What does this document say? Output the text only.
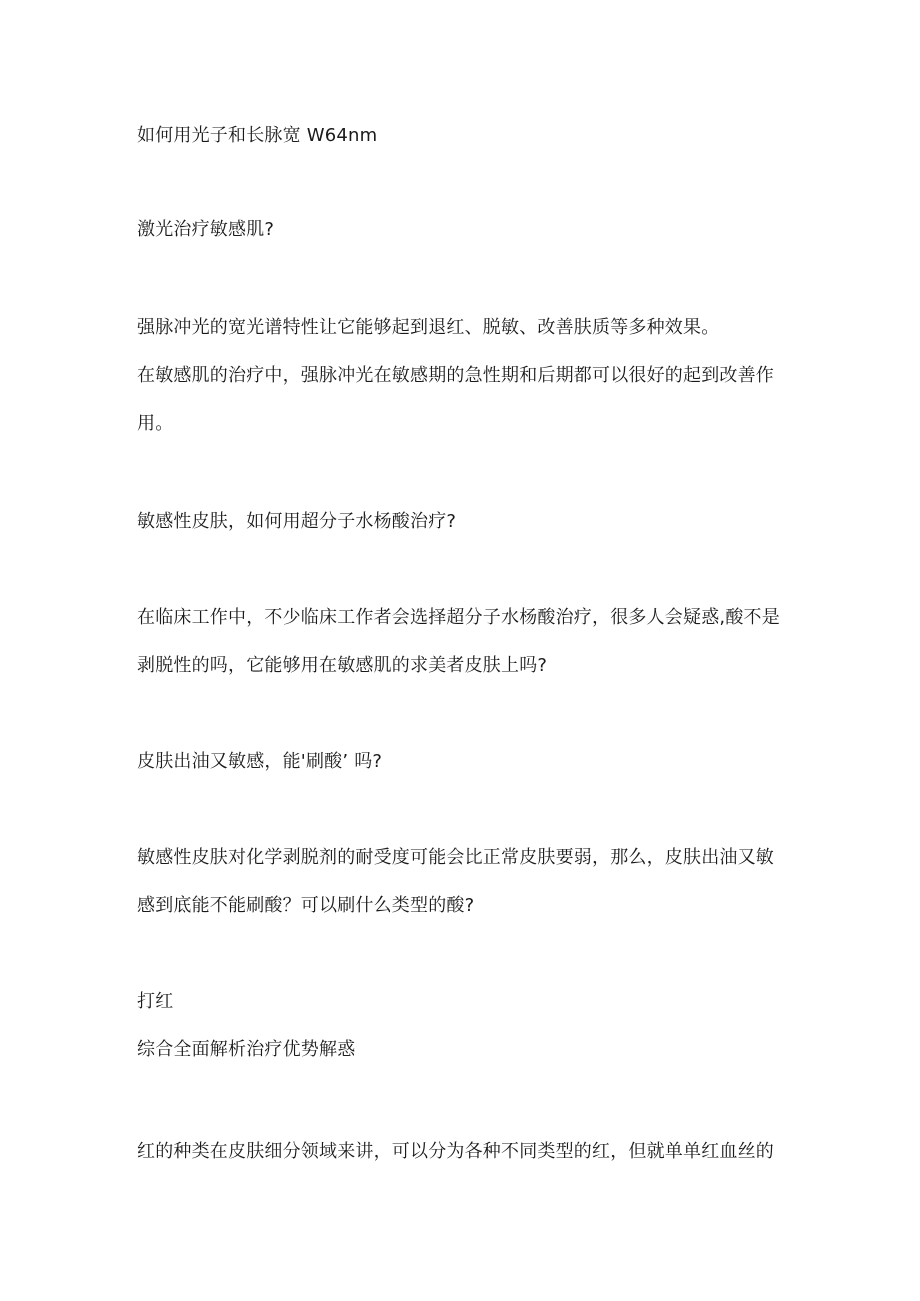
如何用光子和长脉宽 W64nm
激光治疗敏感肌?
强脉冲光的宽光谱特性让它能够起到退红、脱敏、改善肤质等多种效果。
在敏感肌的治疗中，强脉冲光在敏感期的急性期和后期都可以很好的起到改善作
用。
敏感性皮肤，如何用超分子水杨酸治疗?
在临床工作中，不少临床工作者会选择超分子水杨酸治疗，很多人会疑惑,酸不是
剥脱性的吗，它能够用在敏感肌的求美者皮肤上吗?
皮肤出油又敏感，能'刷酸’ 吗?
敏感性皮肤对化学剥脱剂的耐受度可能会比正常皮肤要弱，那么，皮肤出油又敏
感到底能不能刷酸？可以刷什么类型的酸?
打红
综合全面解析治疗优势解惑
红的种类在皮肤细分领域来讲，可以分为各种不同类型的红，但就单单红血丝的
